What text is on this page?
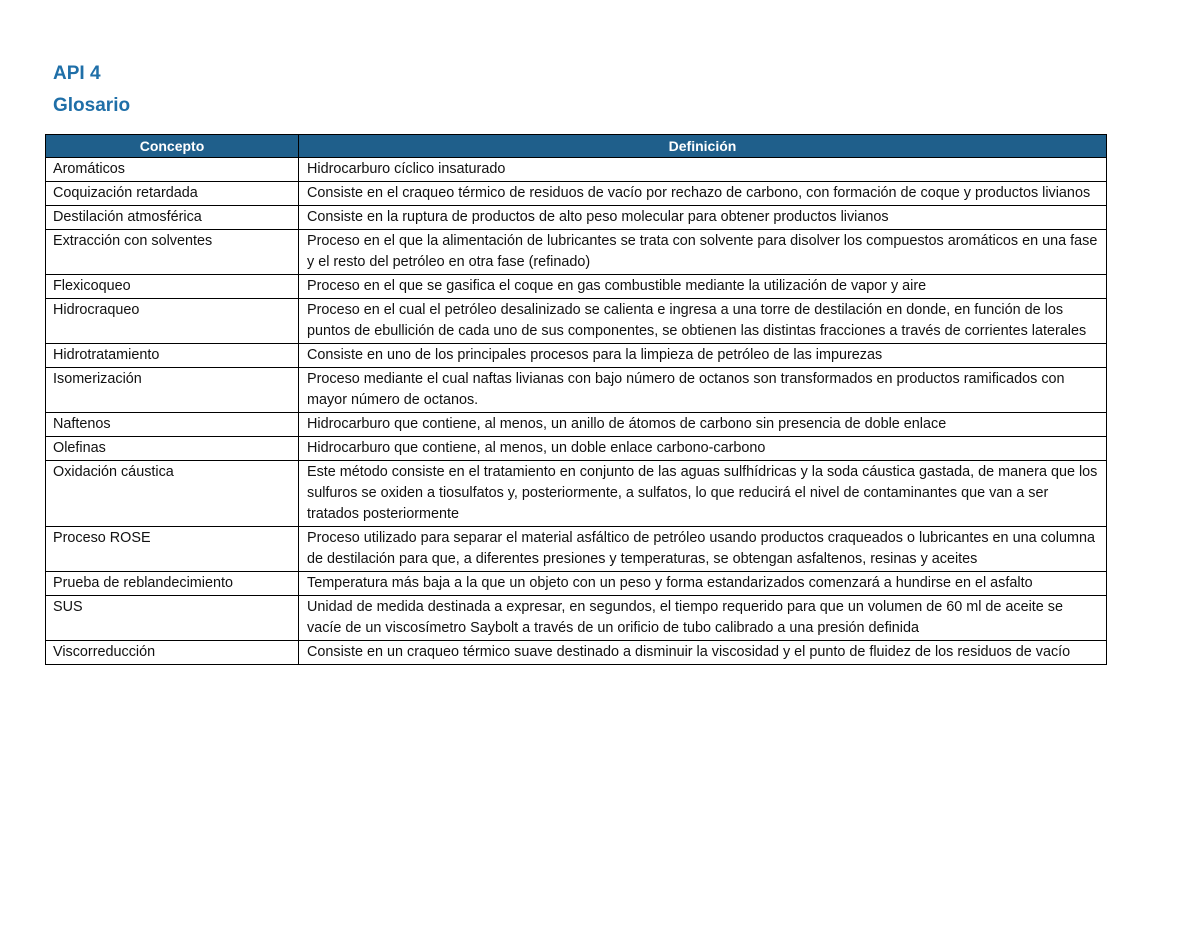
API 4
Glosario
Concepto	Definición
Aromáticos	Hidrocarburo cíclico insaturado
Coquización retardada	Consiste en el craqueo térmico de residuos de vacío por rechazo de carbono, con formación de coque y productos livianos
Destilación atmosférica	Consiste en la ruptura de productos de alto peso molecular para obtener productos livianos
Extracción con solventes	Proceso en el que la alimentación de lubricantes se trata con solvente para disolver los compuestos aromáticos en una fase y el resto del petróleo en otra fase (refinado)
Flexicoqueo	Proceso en el que se gasifica el coque en gas combustible mediante la utilización de vapor y aire
Hidrocraqueo	Proceso en el cual el petróleo desalinizado se calienta e ingresa a una torre de destilación en donde, en función de los puntos de ebullición de cada uno de sus componentes, se obtienen las distintas fracciones a través de corrientes laterales
Hidrotratamiento	Consiste en uno de los principales procesos para la limpieza de petróleo de las impurezas
Isomerización	Proceso mediante el cual naftas livianas con bajo número de octanos son transformados en productos ramificados con mayor número de octanos.
Naftenos	Hidrocarburo que contiene, al menos, un anillo de átomos de carbono sin presencia de doble enlace
Olefinas	Hidrocarburo que contiene, al menos, un doble enlace carbono-carbono
Oxidación cáustica	Este método consiste en el tratamiento en conjunto de las aguas sulfhídricas y la soda cáustica gastada, de manera que los sulfuros se oxiden a tiosulfatos y, posteriormente, a sulfatos, lo que reducirá el nivel de contaminantes que van a ser tratados posteriormente
Proceso ROSE	Proceso utilizado para separar el material asfáltico de petróleo usando productos craqueados o lubricantes en una columna de destilación para que, a diferentes presiones y temperaturas, se obtengan asfaltenos, resinas y aceites
Prueba de reblandecimiento	Temperatura más baja a la que un objeto con un peso y forma estandarizados comenzará a hundirse en el asfalto
SUS	Unidad de medida destinada a expresar, en segundos, el tiempo requerido para que un volumen de 60 ml de aceite se vacíe de un viscosímetro Saybolt a través de un orificio de tubo calibrado a una presión definida
Viscorreducción	Consiste en un craqueo térmico suave destinado a disminuir la viscosidad y el punto de fluidez de los residuos de vacío
